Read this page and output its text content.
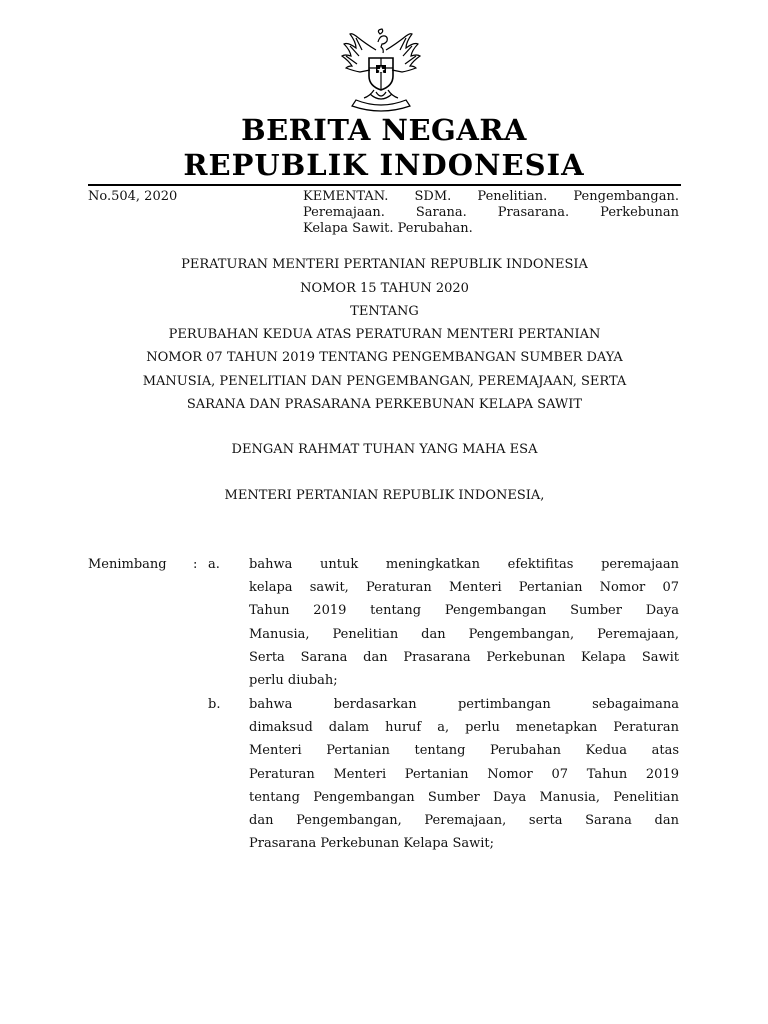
BERITA NEGARA
REPUBLIK INDONESIA
No.504, 2020	KEMENTAN. SDM. Penelitian. Pengembangan.
Peremajaan. Sarana. Prasarana. Perkebunan
Kelapa Sawit. Perubahan.
PERATURAN MENTERI PERTANIAN REPUBLIK INDONESIA
NOMOR 15 TAHUN 2020
TENTANG
PERUBAHAN KEDUA ATAS PERATURAN MENTERI PERTANIAN
NOMOR 07 TAHUN 2019 TENTANG PENGEMBANGAN SUMBER DAYA
MANUSIA, PENELITIAN DAN PENGEMBANGAN, PEREMAJAAN, SERTA
SARANA DAN PRASARANA PERKEBUNAN KELAPA SAWIT
DENGAN RAHMAT TUHAN YANG MAHA ESA
MENTERI PERTANIAN REPUBLIK INDONESIA,
Menimbang : a. bahwa untuk meningkatkan efektifitas peremajaan
kelapa sawit, Peraturan Menteri Pertanian Nomor 07
Tahun 2019 tentang Pengembangan Sumber Daya
Manusia, Penelitian dan Pengembangan, Peremajaan,
Serta Sarana dan Prasarana Perkebunan Kelapa Sawit
perlu diubah;
b. bahwa berdasarkan pertimbangan sebagaimana
dimaksud dalam huruf a, perlu menetapkan Peraturan
Menteri Pertanian tentang Perubahan Kedua atas
Peraturan Menteri Pertanian Nomor 07 Tahun 2019
tentang Pengembangan Sumber Daya Manusia, Penelitian
dan Pengembangan, Peremajaan, serta Sarana dan
Prasarana Perkebunan Kelapa Sawit;
